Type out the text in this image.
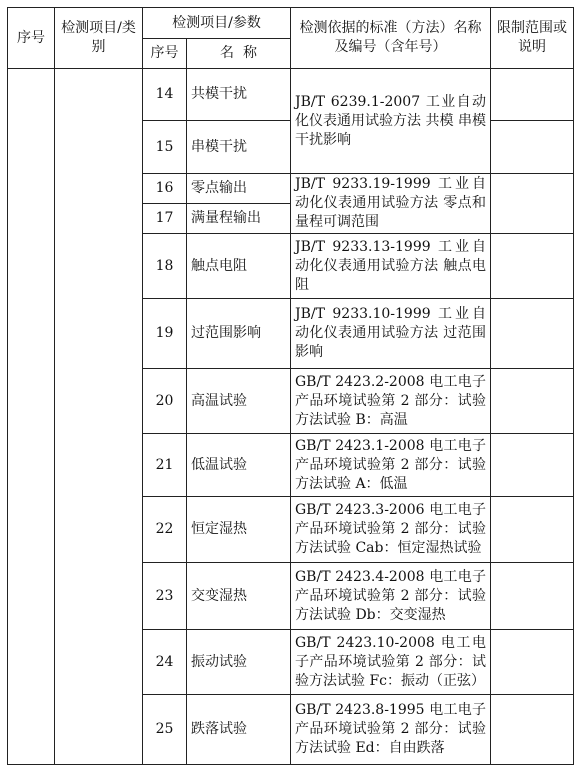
序号	检测项目/类别	检测项目/参数		检测依据的标准（方法）名称及编号（含年号）	限制范围或说明
		序号	名  称		
		14	共模干扰	JB/T 6239.1-2007 工业自动化仪表通用试验方法 共模 串模干扰影响	
		15	串模干扰		
		16	零点输出	JB/T 9233.19-1999 工业自动化仪表通用试验方法 零点和量程可调范围	
		17	满量程输出		
		18	触点电阻	JB/T 9233.13-1999 工业自动化仪表通用试验方法 触点电阻	
		19	过范围影响	JB/T 9233.10-1999 工业自动化仪表通用试验方法 过范围影响	
		20	高温试验	GB/T 2423.2-2008 电工电子产品环境试验第 2 部分：试验方法试验 B：高温	
		21	低温试验	GB/T 2423.1-2008 电工电子产品环境试验第 2 部分：试验方法试验 A：低温	
		22	恒定湿热	GB/T 2423.3-2006 电工电子产品环境试验第 2 部分：试验方法试验 Cab：恒定湿热试验	
		23	交变湿热	GB/T 2423.4-2008 电工电子产品环境试验第 2 部分：试验方法试验 Db：交变湿热	
		24	振动试验	GB/T 2423.10-2008 电工电子产品环境试验第 2 部分：试验方法试验 Fc：振动（正弦）	
		25	跌落试验	GB/T 2423.8-1995 电工电子产品环境试验第 2 部分：试验方法试验 Ed：自由跌落	
